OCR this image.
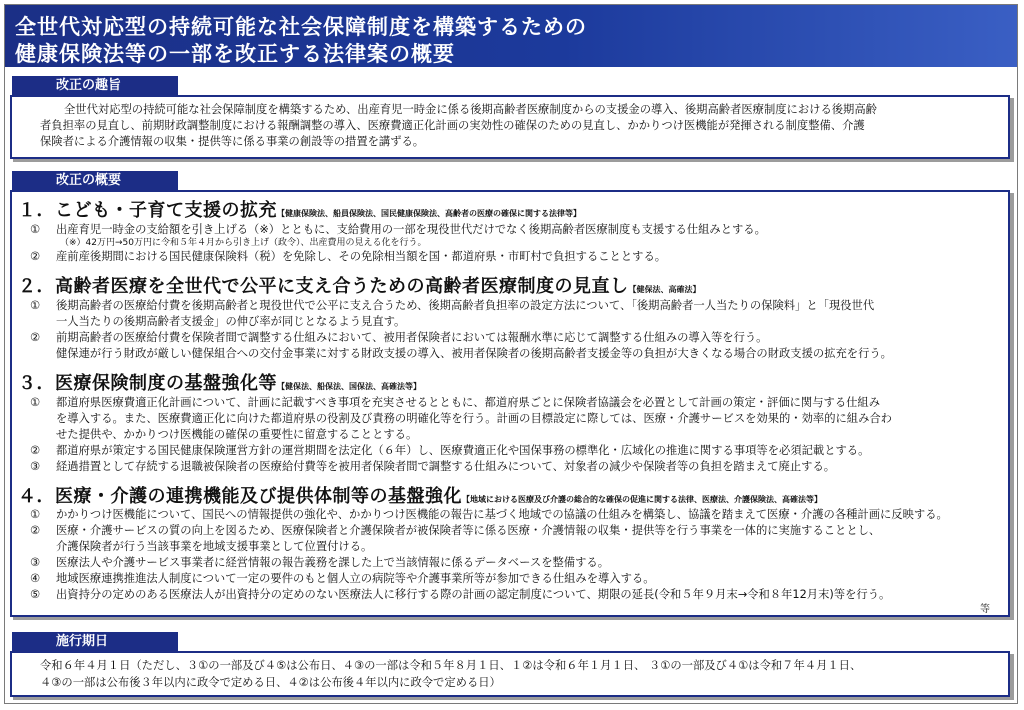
全世代対応型の持続可能な社会保障制度を構築するための
健康保険法等の一部を改正する法律案の概要
改正の趣旨
全世代対応型の持続可能な社会保障制度を構築するため、出産育児一時金に係る後期高齢者医療制度からの支援金の導入、後期高齢者医療制度における後期高齢
者負担率の見直し、前期財政調整制度における報酬調整の導入、医療費適正化計画の実効性の確保のための見直し、かかりつけ医機能が発揮される制度整備、介護
保険者による介護情報の収集・提供等に係る事業の創設等の措置を講ずる。
改正の概要
１．こども・子育て支援の拡充【健康保険法、船員保険法、国民健康保険法、高齢者の医療の確保に関する法律等】
① 出産育児一時金の支給額を引き上げる（※）とともに、支給費用の一部を現役世代だけでなく後期高齢者医療制度も支援する仕組みとする。
（※）42万円→50万円に令和５年４月から引き上げ（政令）、出産費用の見える化を行う。
② 産前産後期間における国民健康保険料（税）を免除し、その免除相当額を国・都道府県・市町村で負担することとする。
２．高齢者医療を全世代で公平に支え合うための高齢者医療制度の見直し【健保法、高確法】
① 後期高齢者の医療給付費を後期高齢者と現役世代で公平に支え合うため、後期高齢者負担率の設定方法について、「後期高齢者一人当たりの保険料」と「現役世代
一人当たりの後期高齢者支援金」の伸び率が同じとなるよう見直す。
② 前期高齢者の医療給付費を保険者間で調整する仕組みにおいて、被用者保険者においては報酬水準に応じて調整する仕組みの導入等を行う。
健保連が行う財政が厳しい健保組合への交付金事業に対する財政支援の導入、被用者保険者の後期高齢者支援金等の負担が大きくなる場合の財政支援の拡充を行う。
３．医療保険制度の基盤強化等【健保法、船保法、国保法、高確法等】
① 都道府県医療費適正化計画について、計画に記載すべき事項を充実させるとともに、都道府県ごとに保険者協議会を必置として計画の策定・評価に関与する仕組み
を導入する。また、医療費適正化に向けた都道府県の役割及び責務の明確化等を行う。計画の目標設定に際しては、医療・介護サービスを効果的・効率的に組み合わ
せた提供や、かかりつけ医機能の確保の重要性に留意することとする。
② 都道府県が策定する国民健康保険運営方針の運営期間を法定化（６年）し、医療費適正化や国保事務の標準化・広域化の推進に関する事項等を必須記載とする。
③ 経過措置として存続する退職被保険者の医療給付費等を被用者保険者間で調整する仕組みについて、対象者の減少や保険者等の負担を踏まえて廃止する。
４．医療・介護の連携機能及び提供体制等の基盤強化【地域における医療及び介護の総合的な確保の促進に関する法律、医療法、介護保険法、高確法等】
① かかりつけ医機能について、国民への情報提供の強化や、かかりつけ医機能の報告に基づく地域での協議の仕組みを構築し、協議を踏まえて医療・介護の各種計画に反映する。
② 医療・介護サービスの質の向上を図るため、医療保険者と介護保険者が被保険者等に係る医療・介護情報の収集・提供等を行う事業を一体的に実施することとし、
介護保険者が行う当該事業を地域支援事業として位置付ける。
③ 医療法人や介護サービス事業者に経営情報の報告義務を課した上で当該情報に係るデータベースを整備する。
④ 地域医療連携推進法人制度について一定の要件のもと個人立の病院等や介護事業所等が参加できる仕組みを導入する。
⑤ 出資持分の定めのある医療法人が出資持分の定めのない医療法人に移行する際の計画の認定制度について、期限の延長(令和５年９月末→令和８年12月末)等を行う。
等
施行期日
令和６年４月１日（ただし、３①の一部及び４⑤は公布日、４③の一部は令和５年８月１日、１②は令和６年１月１日、 ３①の一部及び４①は令和７年４月１日、
４③の一部は公布後３年以内に政令で定める日、４②は公布後４年以内に政令で定める日）
